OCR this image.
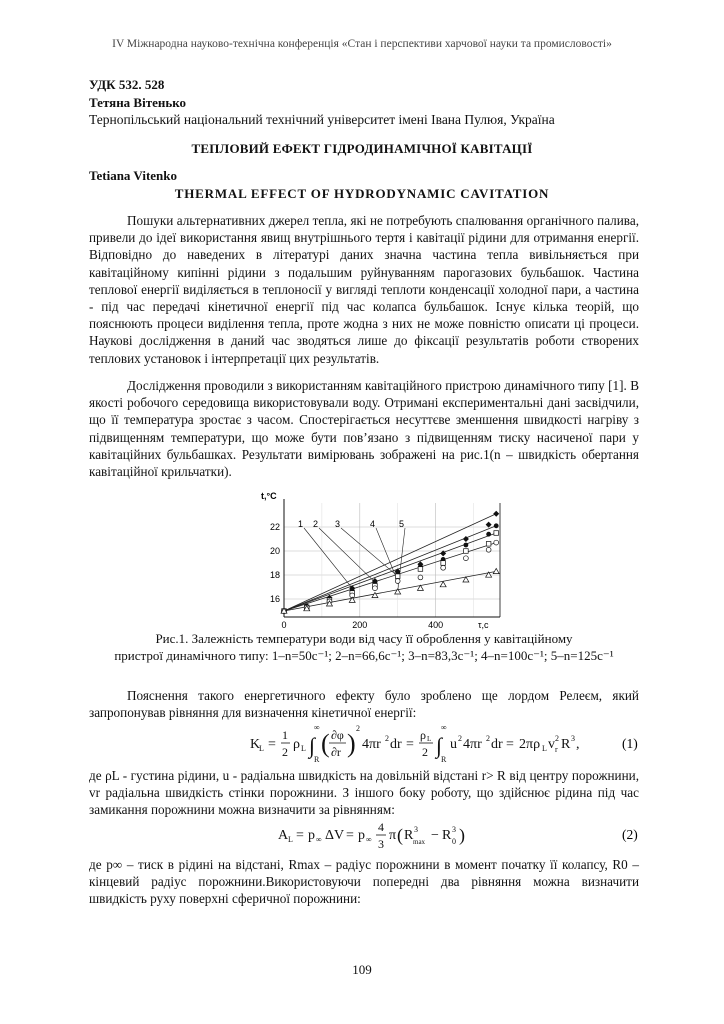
IV Міжнародна науково-технічна конференція «Стан і перспективи харчової науки та промисловості»
УДК 532. 528
Тетяна Вітенько
Тернопільський національний технічний університет імені Івана Пулюя, Україна
ТЕПЛОВИЙ ЕФЕКТ ГІДРОДИНАМІЧНОЇ КАВІТАЦІЇ
Tetiana Vitenko
THERMAL EFFECT OF HYDRODYNAMIC CAVITATION

Пошуки альтернативних джерел тепла, які не потребують спалювання органічного палива, привели до ідеї використання явищ внутрішнього тертя і кавітації рідини для отримання енергії. Відповідно до наведених в літературі даних значна частина тепла вивільняється при кавітаційному кипінні рідини з подальшим руйнуванням парогазових бульбашок. Частина теплової енергії виділяється в теплоносії у вигляді теплоти конденсації холодної пари, а частина - під час передачі кінетичної енергії під час колапса бульбашок. Існує кілька теорій, що пояснюють процеси виділення тепла, проте жодна з них не може повністю описати ці процеси. Наукові дослідження в даний час зводяться лише до фіксації результатів роботи створених теплових установок і інтерпретації цих результатів.

Дослідження проводили з використанням кавітаційного пристрою динамічного типу [1]. В якості робочого середовища використовували воду. Отримані експериментальні дані засвідчили, що її температура зростає з часом. Спостерігається несуттєве зменшення швидкості нагріву з підвищенням температури, що може бути пов’язано з підвищенням тиску насиченої пари у кавітаційних бульбашках. Результати вимірювань зображені на рис.1(n – швидкість обертання кавітаційної крильчатки).

16
18
20
22
0	200	400
t,°C
τ,c
1 2 3	4	5
Рис.1. Залежність температури води від часу її оброблення у кавітаційному
пристрої динамічного типу: 1–n=50с⁻¹; 2–n=66,6с⁻¹; 3–n=83,3с⁻¹; 4–n=100с⁻¹; 5–n=125с⁻¹

Пояснення такого енергетичного ефекту було зроблено ще лордом Релеєм, який запропонував рівняння для визначення кінетичної енергії:

K
L =
1
2 ρ L ∫
∞
R
( ∂φ
∂r )
2
4πr 2 dr =
ρ L
2 ∫
∞
R
u 2 4πr 2 dr = 2πρ L v 2
r R 3 ,	(1)

де ρL - густина рідини, u - радіальна швидкість на довільній відстані r> R від центру порожнини, vr радіальна швидкість стінки порожнини. З іншого боку роботу, що здійснює рідина під час замикання порожнини можна визначити за рівнянням:

A L = p ∞ ΔV = p ∞
4
3
π ( R 3
max − R 3
0 )	(2)

де p∞ – тиск в рідині на відстані, Rmax – радіус порожнини в момент початку її колапсу, R0 – кінцевий радіус порожнини.Використовуючи попередні два рівняння можна визначити швидкість руху поверхні сферичної порожнини:

109
